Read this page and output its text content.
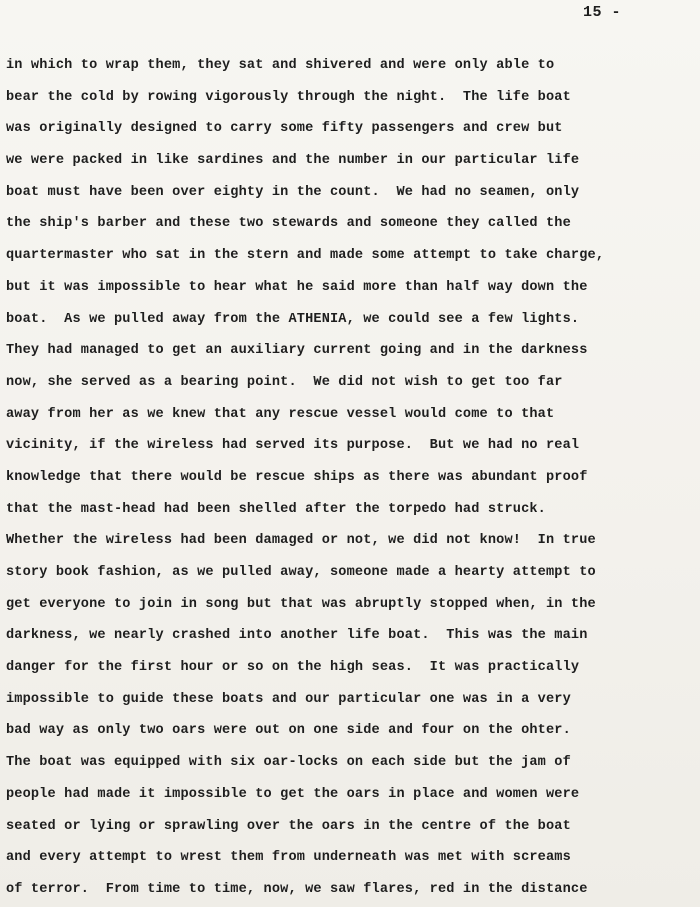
15 -
in which to wrap them, they sat and shivered and were only able to
bear the cold by rowing vigorously through the night.  The life boat
was originally designed to carry some fifty passengers and crew but
we were packed in like sardines and the number in our particular life
boat must have been over eighty in the count.  We had no seamen, only
the ship's barber and these two stewards and someone they called the
quartermaster who sat in the stern and made some attempt to take charge,
but it was impossible to hear what he said more than half way down the
boat.  As we pulled away from the ATHENIA, we could see a few lights.
They had managed to get an auxiliary current going and in the darkness
now, she served as a bearing point.  We did not wish to get too far
away from her as we knew that any rescue vessel would come to that
vicinity, if the wireless had served its purpose.  But we had no real
knowledge that there would be rescue ships as there was abundant proof
that the mast-head had been shelled after the torpedo had struck.
Whether the wireless had been damaged or not, we did not know!  In true
story book fashion, as we pulled away, someone made a hearty attempt to
get everyone to join in song but that was abruptly stopped when, in the
darkness, we nearly crashed into another life boat.  This was the main
danger for the first hour or so on the high seas.  It was practically
impossible to guide these boats and our particular one was in a very
bad way as only two oars were out on one side and four on the ohter.
The boat was equipped with six oar-locks on each side but the jam of
people had made it impossible to get the oars in place and women were
seated or lying or sprawling over the oars in the centre of the boat
and every attempt to wrest them from underneath was met with screams
of terror.  From time to time, now, we saw flares, red in the distance
